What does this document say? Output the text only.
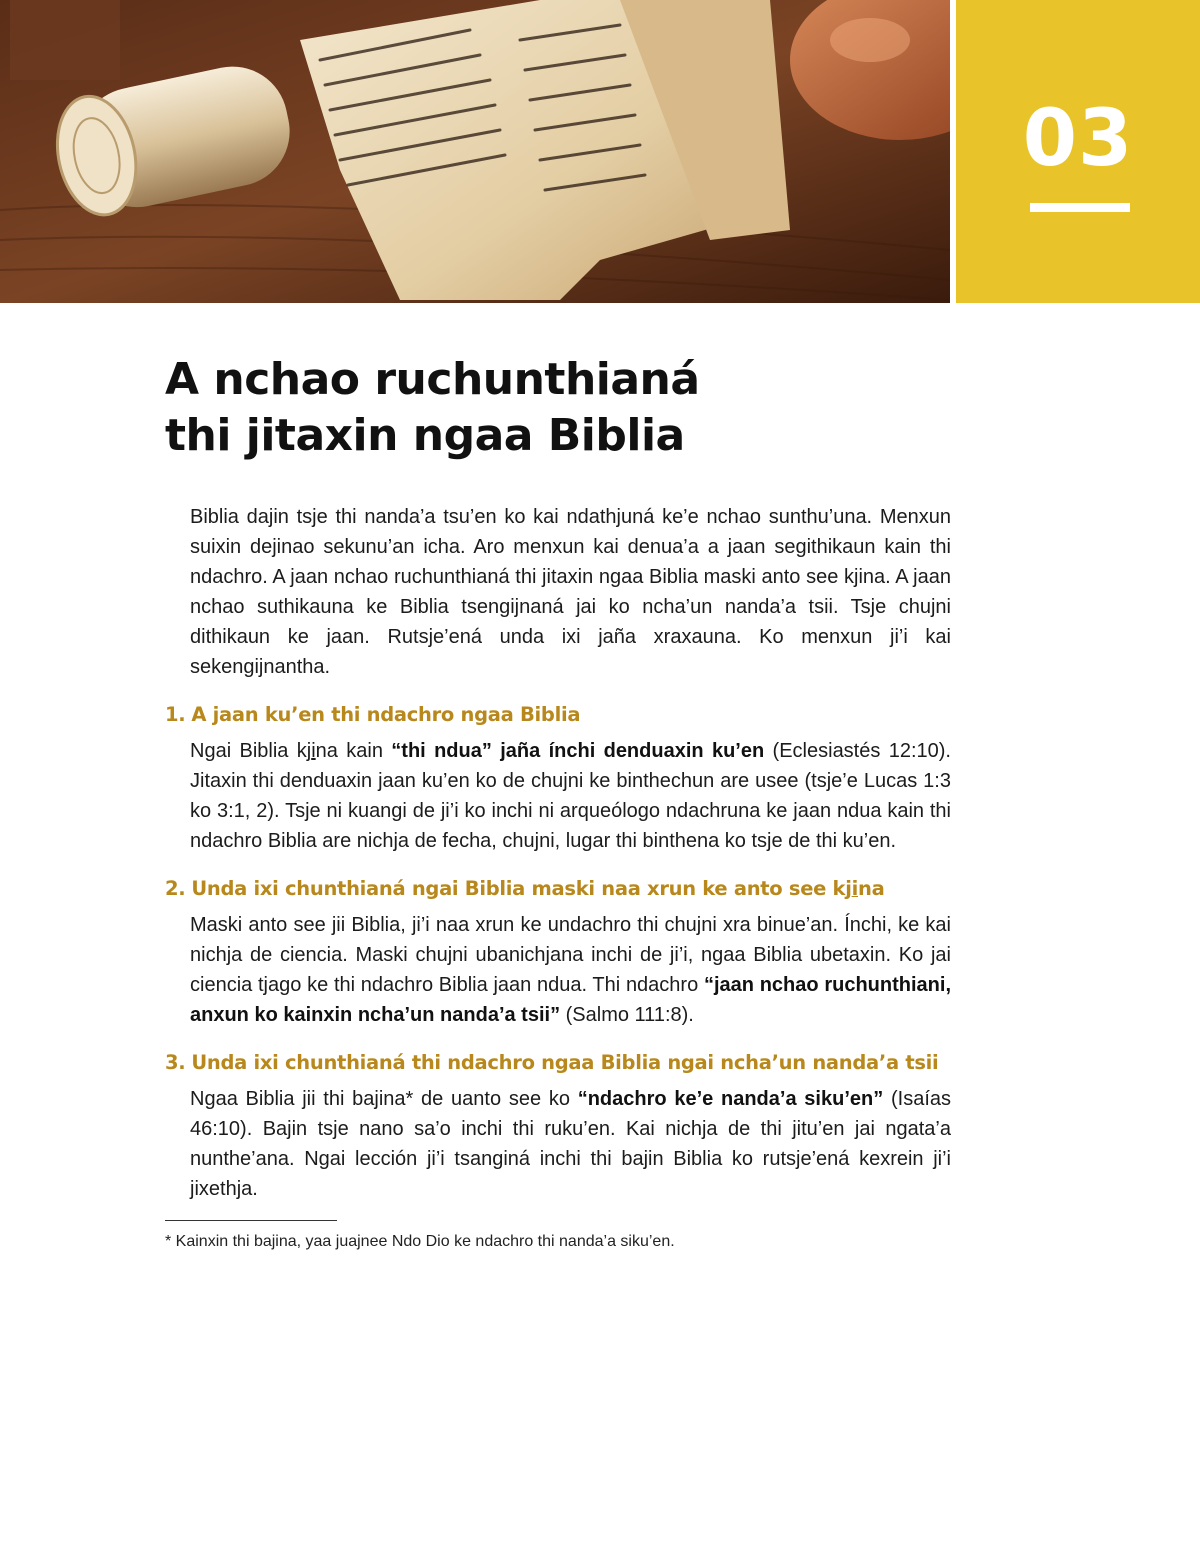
03
A nchao ruchunthianá
thi jitaxin ngaa Biblia

Biblia dajin tsje thi nanda’a tsu’en ko kai ndathjuná ke’e nchao sunthu’una. Menxun suixin dejinao sekunu’an icha. Aro menxun kai denua’a a jaan segithikaun kain thi ndachro. A jaan nchao ruchunthianá thi jitaxin ngaa Biblia maski anto see kjina. A jaan nchao suthikauna ke Biblia tsengijnaná jai ko ncha’un nanda’a tsii. Tsje chujni dithikaun ke jaan. Rutsje’ená unda ixi jaña xraxauna. Ko menxun ji’i kai sekengijnantha.

1. A jaan ku’en thi ndachro ngaa Biblia

Ngai Biblia kjina kain “thi ndua” jaña ínchi denduaxin ku’en (Eclesiastés 12:10). Jitaxin thi denduaxin jaan ku’en ko de chujni ke binthechun are usee (tsje’e Lucas 1:3 ko 3:1, 2). Tsje ni kuangi de ji’i ko inchi ni arqueólogo ndachruna ke jaan ndua kain thi ndachro Biblia are nichja de fecha, chujni, lugar thi binthena ko tsje de thi ku’en.

2. Unda ixi chunthianá ngai Biblia maski naa xrun ke anto see kjina

Maski anto see jii Biblia, ji’i naa xrun ke undachro thi chujni xra binue’an. Ínchi, ke kai nichja de ciencia. Maski chujni ubanichjana inchi de ji’i, ngaa Biblia ubetaxin. Ko jai ciencia tjago ke thi ndachro Biblia jaan ndua. Thi ndachro “jaan nchao ruchunthiani, anxun ko kainxin ncha’un nanda’a tsii” (Salmo 111:8).

3. Unda ixi chunthianá thi ndachro ngaa Biblia ngai ncha’un nanda’a tsii

Ngaa Biblia jii thi bajina* de uanto see ko “ndachro ke’e nanda’a siku’en” (Isaías 46:10). Bajin tsje nano sa’o inchi thi ruku’en. Kai nichja de thi jitu’en jai ngata’a nunthe’ana. Ngai lección ji’i tsanginá inchi thi bajin Biblia ko rutsje’ená kexrein ji’i jixethja.

* Kainxin thi bajina, yaa juajnee Ndo Dio ke ndachro thi nanda’a siku’en.
